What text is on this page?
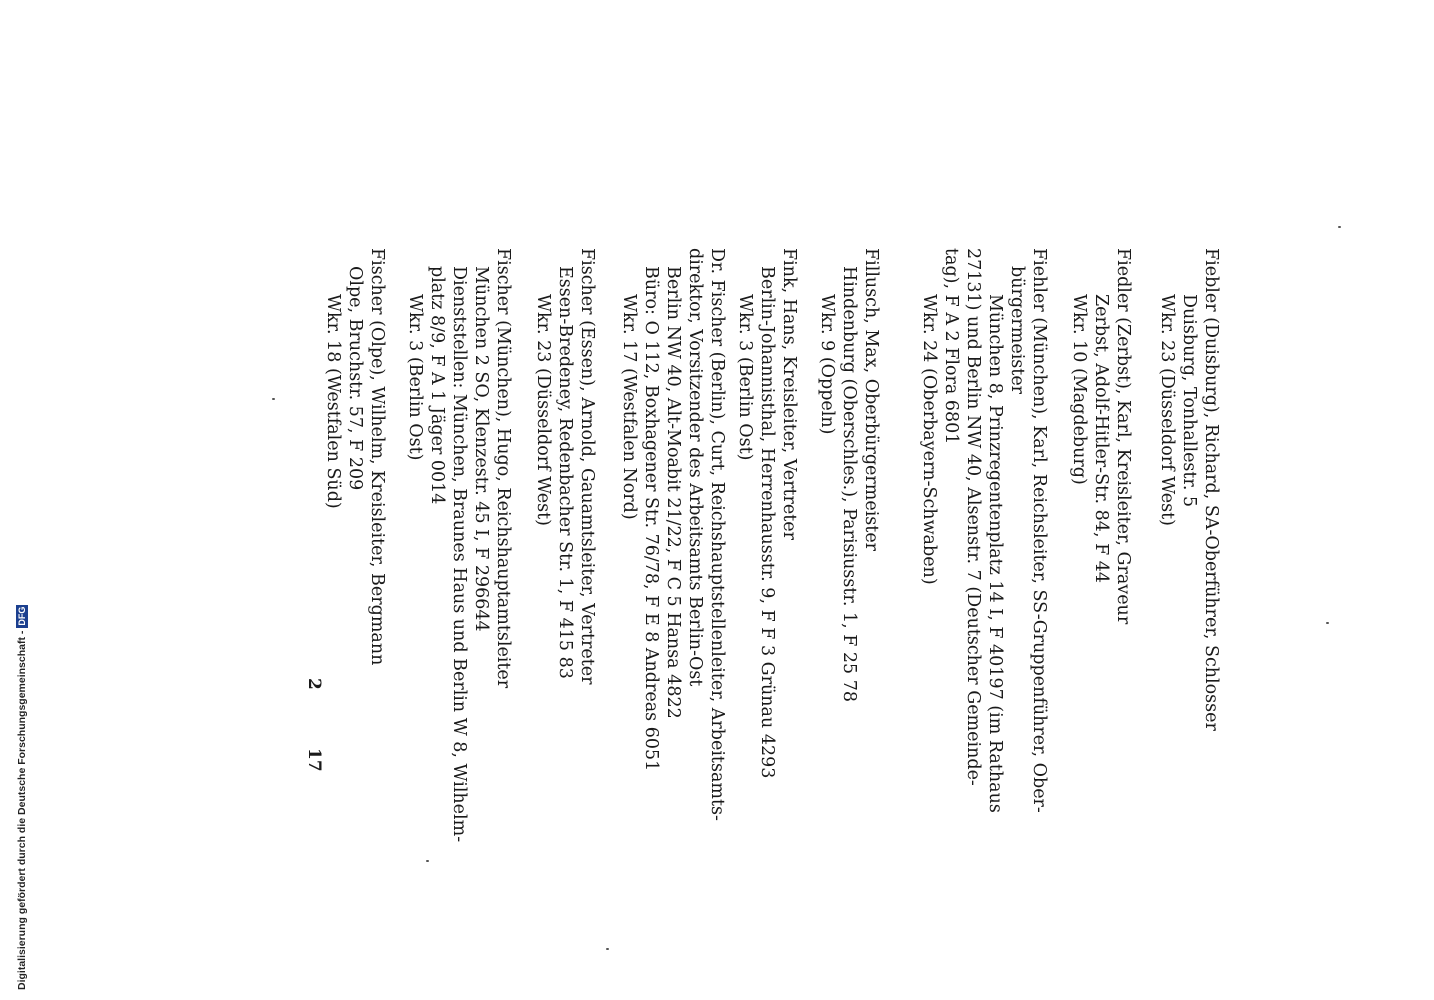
Fiebler (Duisburg), Richard, SA-Oberführer, Schlosser
Duisburg, Tonhallestr. 5
Wkr. 23 (Düsseldorf West)
Fiedler (Zerbst), Karl, Kreisleiter, Graveur
Zerbst, Adolf-Hitler-Str. 84, F 44
Wkr. 10 (Magdeburg)
Fiehler (München), Karl, Reichsleiter, SS-Gruppenführer, Ober-
bürgermeister
München 8, Prinzregentenplatz 14 I, F 40197 (im Rathaus
27131) und Berlin NW 40, Alsenstr. 7 (Deutscher Gemeinde-
tag), F A 2 Flora 6801
Wkr. 24 (Oberbayern-Schwaben)
Fillusch, Max, Oberbürgermeister
Hindenburg (Oberschles.), Parisiusstr. 1, F 25 78
Wkr. 9 (Oppeln)
Fink, Hans, Kreisleiter, Vertreter
Berlin-Johannisthal, Herrenhausstr. 9, F F 3 Grünau 4293
Wkr. 3 (Berlin Ost)
Dr. Fischer (Berlin), Curt, Reichshauptstellenleiter, Arbeitsamts-
direktor, Vorsitzender des Arbeitsamts Berlin-Ost
Berlin NW 40, Alt-Moabit 21/22, F C 5 Hansa 4822
Büro: O 112, Boxhagener Str. 76/78, F E 8 Andreas 6051
Wkr. 17 (Westfalen Nord)
Fischer (Essen), Arnold, Gauamtsleiter, Vertreter
Essen-Bredeney, Redenbacher Str. 1, F 415 83
Wkr. 23 (Düsseldorf West)
Fischer (München), Hugo, Reichshauptamtsleiter
München 2 SO, Klenzestr. 45 I, F 296644
Dienststellen: München, Braunes Haus und Berlin W 8, Wilhelm-
platz 8/9, F A 1 Jäger 0014
Wkr. 3 (Berlin Ost)
Fischer (Olpe), Wilhelm, Kreisleiter, Bergmann
Olpe, Bruchstr. 57, F 209
Wkr. 18 (Westfalen Süd)
2
17
Digitalisierung gefördert durch die Deutsche Forschungsgemeinschaft -DFG
